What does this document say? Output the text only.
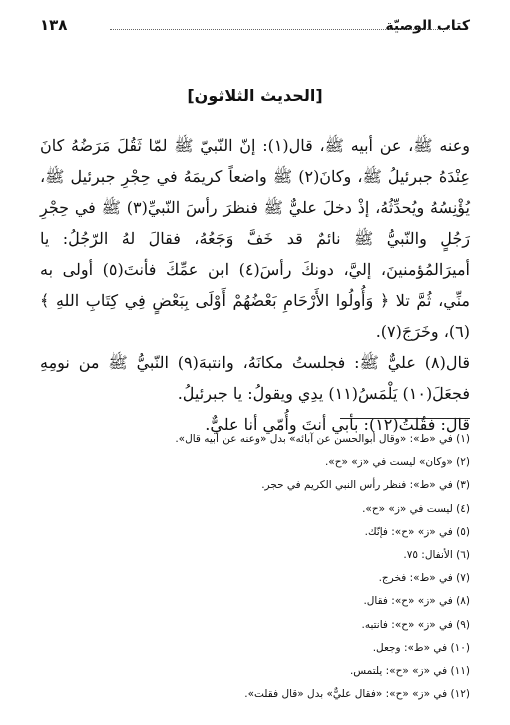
كتاب الوصيّة
١٣٨
[الحديث الثلاثون]

وعنه ﷺ، عن أبيه ﷺ، قال(١): إنّ النّبيّ ﷺ لمّا ثَقُلَ مَرَضُهُ كانَ عِنْدَهُ جبرئيلُ ﷺ، وكانَ(٢) ﷺ واضعاً كريمَهُ في حِجْرِ جبرئيل ﷺ، يُؤْنِسُهُ ويُحدِّثُهُ، إذْ دخلَ عليٌّ ﷺ فنظرَ رأسَ النّبيِّ(٣) ﷺ في حِجْرِ رَجُلٍ والنّبيُّ ﷺ نائمٌ قد خَفَّ وَجَعُهُ، فقالَ لهُ الرّجُلُ: يا أميرَالمُؤمنينَ، إليَّ، دونكَ رأسَ(٤) ابن عمِّكَ فأنتَ(٥) أولى به منِّي، ثُمَّ تلا ﴿ وَأُولُوا الأَرْحَامِ بَعْضُهُمْ أَوْلَى بِبَعْضٍ فِي كِتَابِ اللهِ ﴾(٦)، وخَرَجَ(٧).

قال(٨) عليٌّ ﷺ: فجلستُ مكانَهُ، وانتبهَ(٩) النّبيُّ ﷺ من نومِهِ فجعَلَ(١٠) يَلْمَسُ(١١) يدِي ويقولُ: يا جبرئيلُ.

قال: فقُلتُ(١٢): بأبي أنتَ وأُمّي أنا عليٌّ.

(١) في «ط»: «وقال أبوالحسن عن آبائه» بدل «وعنه عن أبيه قال».
(٢) «وكان» ليست في «ز» «ح».
(٣) في «ط»: فنظر رأس النبي الكريم في حجر.
(٤) ليست في «ز» «ح».
(٥) في «ز» «ح»: فإنّك.
(٦) الأنفال: ٧٥.
(٧) في «ط»: فخرج.
(٨) في «ز» «ح»: فقال.
(٩) في «ز» «ح»: فانتبه.
(١٠) في «ط»: وجعل.
(١١) في «ز» «ح»: يلتمس.
(١٢) في «ز» «ح»: «فقال عليٌّ» بدل «قال فقلت».
